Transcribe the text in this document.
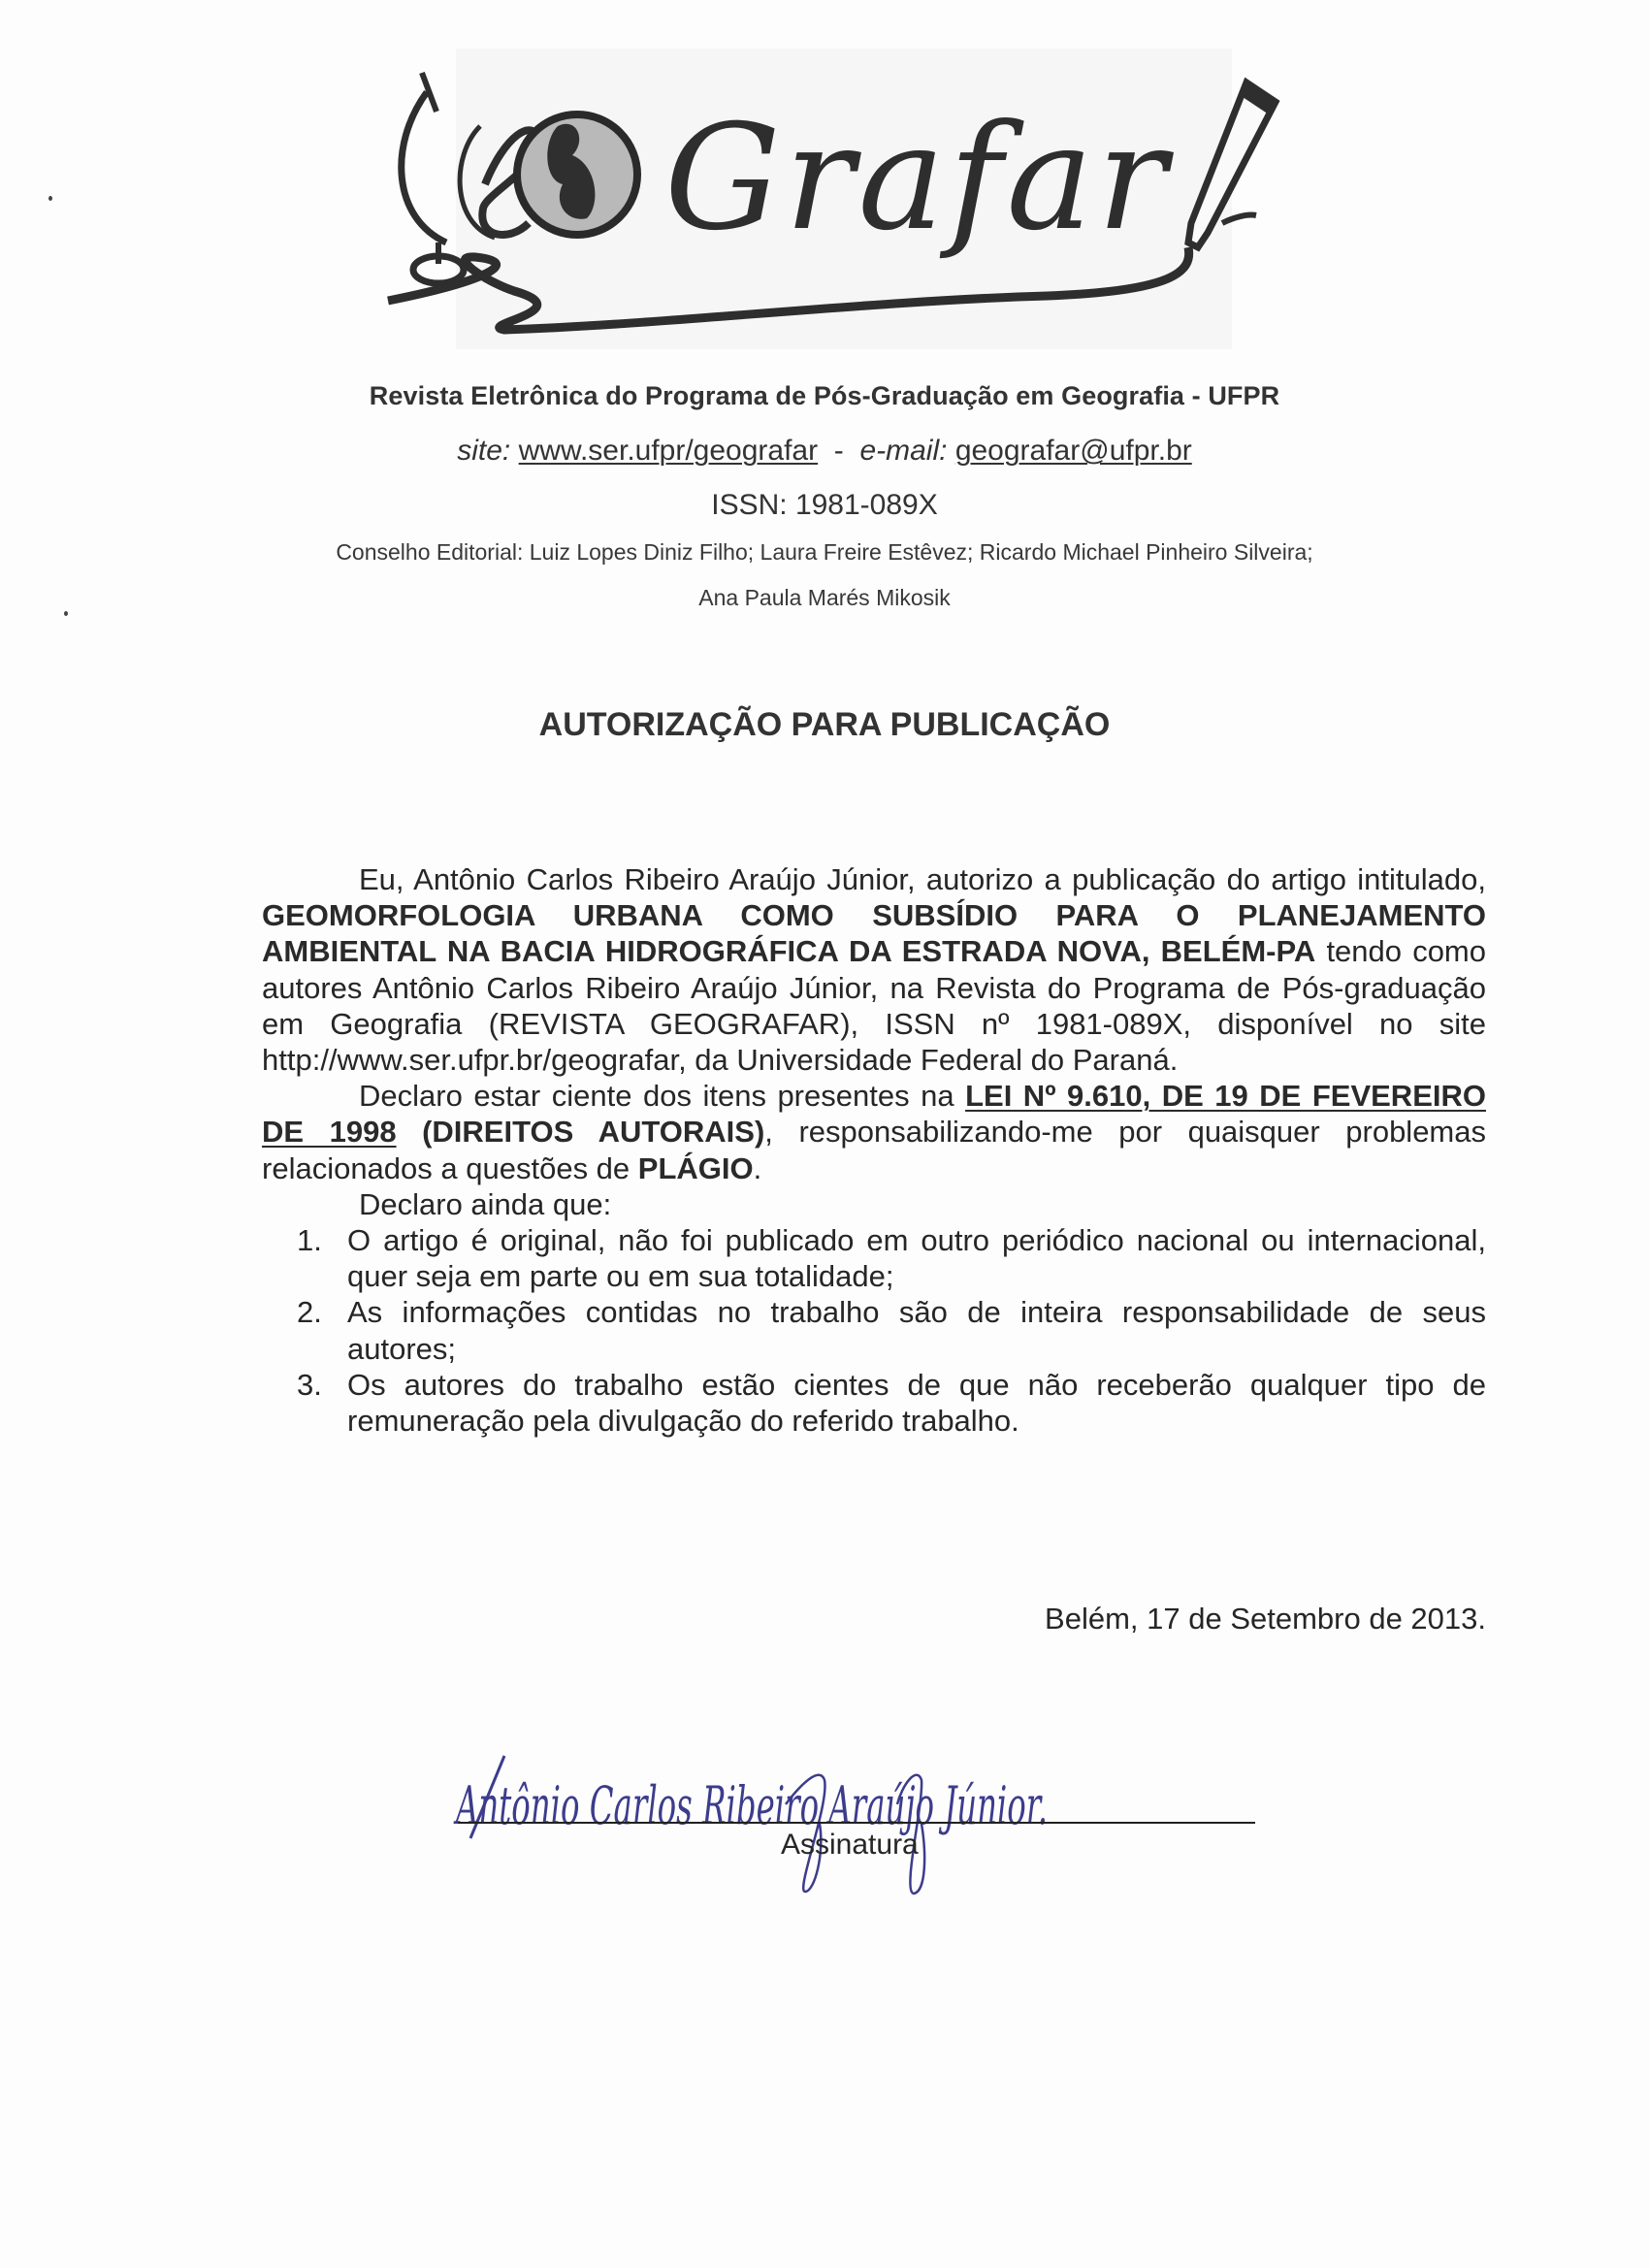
Grafar
Revista Eletrônica do Programa de Pós-Graduação em Geografia - UFPR
site: www.ser.ufpr/geografar - e-mail: geografar@ufpr.br
ISSN: 1981-089X
Conselho Editorial: Luiz Lopes Diniz Filho; Laura Freire Estêvez; Ricardo Michael Pinheiro Silveira;
Ana Paula Marés Mikosik
AUTORIZAÇÃO PARA PUBLICAÇÃO

Eu, Antônio Carlos Ribeiro Araújo Júnior, autorizo a publicação do artigo intitulado, GEOMORFOLOGIA URBANA COMO SUBSÍDIO PARA O PLANEJAMENTO AMBIENTAL NA BACIA HIDROGRÁFICA DA ESTRADA NOVA, BELÉM-PA tendo como autores Antônio Carlos Ribeiro Araújo Júnior, na Revista do Programa de Pós-graduação em Geografia (REVISTA GEOGRAFAR), ISSN nº 1981-089X, disponível no site http://www.ser.ufpr.br/geografar, da Universidade Federal do Paraná.

Declaro estar ciente dos itens presentes na LEI Nº 9.610, DE 19 DE FEVEREIRO DE 1998 (DIREITOS AUTORAIS), responsabilizando-me por quaisquer problemas relacionados a questões de PLÁGIO.

Declaro ainda que:

1. O artigo é original, não foi publicado em outro periódico nacional ou internacional, quer seja em parte ou em sua totalidade;
2. As informações contidas no trabalho são de inteira responsabilidade de seus autores;
3. Os autores do trabalho estão cientes de que não receberão qualquer tipo de remuneração pela divulgação do referido trabalho.
Belém, 17 de Setembro de 2013.
Antônio Carlos Ribeiro Araújo Júnior.
Assinatura
